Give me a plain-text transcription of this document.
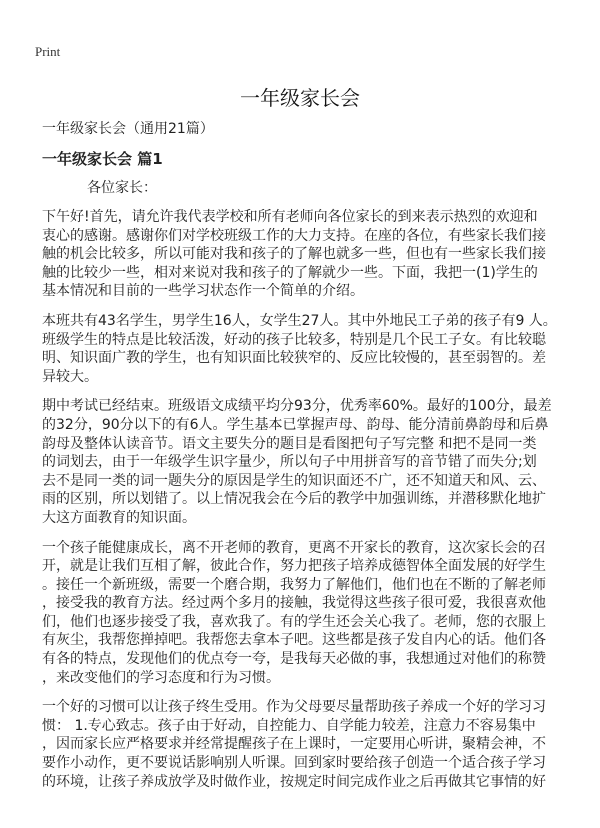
Print
一年级家长会
一年级家长会（通用21篇）
一年级家长会 篇1
各位家长：
下午好!首先，请允许我代表学校和所有老师向各位家长的到来表示热烈的欢迎和
衷心的感谢。感谢你们对学校班级工作的大力支持。在座的各位，有些家长我们接
触的机会比较多，所以可能对我和孩子的了解也就多一些，但也有一些家长我们接
触的比较少一些，相对来说对我和孩子的了解就少一些。下面，我把一(1)学生的
基本情况和目前的一些学习状态作一个简单的介绍。
本班共有43名学生，男学生16人，女学生27人。其中外地民工子弟的孩子有9 人。
班级学生的特点是比较活泼，好动的孩子比较多，特别是几个民工子女。有比较聪
明、知识面广教的学生，也有知识面比较狭窄的、反应比较慢的，甚至弱智的。差
异较大。
期中考试已经结束。班级语文成绩平均分93分，优秀率60%。最好的100分，最差
的32分，90分以下的有6人。学生基本已掌握声母、韵母、能分清前鼻韵母和后鼻
韵母及整体认读音节。语文主要失分的题目是看图把句子写完整 和把不是同一类
的词划去，由于一年级学生识字量少，所以句子中用拼音写的音节错了而失分;划
去不是同一类的词一题失分的原因是学生的知识面还不广，还不知道天和风、云、
雨的区别，所以划错了。以上情况我会在今后的教学中加强训练，并潜移默化地扩
大这方面教育的知识面。
一个孩子能健康成长，离不开老师的教育，更离不开家长的教育，这次家长会的召
开，就是让我们互相了解，彼此合作，努力把孩子培养成德智体全面发展的好学生
。接任一个新班级，需要一个磨合期，我努力了解他们，他们也在不断的了解老师
，接受我的教育方法。经过两个多月的接触，我觉得这些孩子很可爱，我很喜欢他
们，他们也逐步接受了我，喜欢我了。有的学生还会关心我了。老师，您的衣服上
有灰尘，我帮您掸掉吧。我帮您去拿本子吧。这些都是孩子发自内心的话。他们各
有各的特点，发现他们的优点夸一夸，是我每天必做的事，我想通过对他们的称赞
，来改变他们的学习态度和行为习惯。
一个好的习惯可以让孩子终生受用。作为父母要尽量帮助孩子养成一个好的学习习
惯： 1.专心致志。孩子由于好动，自控能力、自学能力较差，注意力不容易集中
，因而家长应严格要求并经常提醒孩子在上课时，一定要用心听讲，聚精会神，不
要作小动作，更不要说话影响别人听课。回到家时要给孩子创造一个适合孩子学习
的环境，让孩子养成放学及时做作业，按规定时间完成作业之后再做其它事情的好
